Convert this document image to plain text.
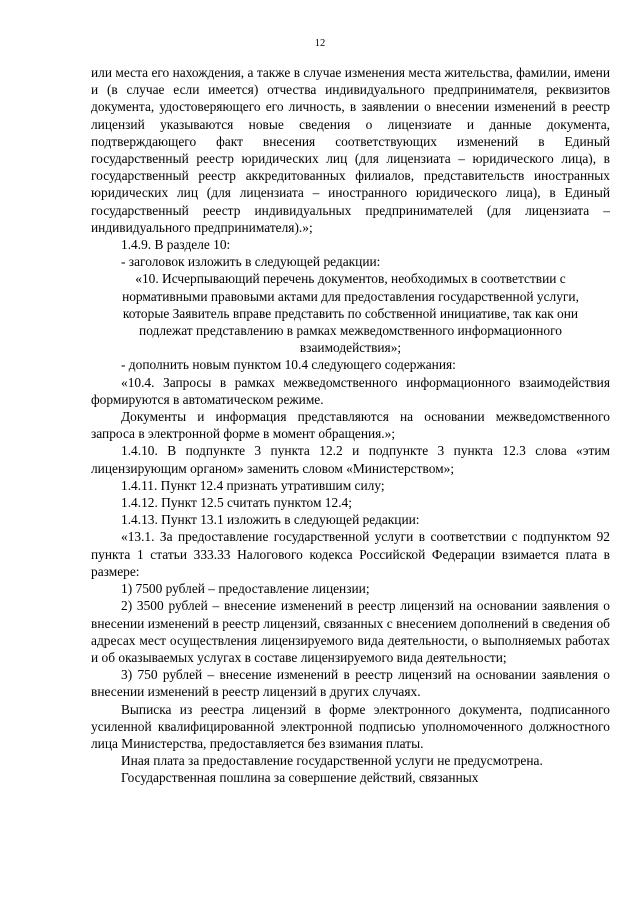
12

или места его нахождения, а также в случае изменения места жительства, фамилии, имени и (в случае если имеется) отчества индивидуального предпринимателя, реквизитов документа, удостоверяющего его личность, в заявлении о внесении изменений в реестр лицензий указываются новые сведения о лицензиате и данные документа, подтверждающего факт внесения соответствующих изменений в Единый государственный реестр юридических лиц (для лицензиата – юридического лица), в государственный реестр аккредитованных филиалов, представительств иностранных юридических лиц (для лицензиата – иностранного юридического лица), в Единый государственный реестр индивидуальных предпринимателей (для лицензиата – индивидуального предпринимателя).»;

1.4.9. В разделе 10:

- заголовок изложить в следующей редакции:

«10. Исчерпывающий перечень документов, необходимых в соответствии с нормативными правовыми актами для предоставления государственной услуги, которые Заявитель вправе представить по собственной инициативе, так как они подлежат представлению в рамках межведомственного информационного взаимодействия»;

- дополнить новым пунктом 10.4 следующего содержания:

«10.4. Запросы в рамках межведомственного информационного взаимодействия формируются в автоматическом режиме.

Документы и информация представляются на основании межведомственного запроса в электронной форме в момент обращения.»;

1.4.10. В подпункте 3 пункта 12.2 и подпункте 3 пункта 12.3 слова «этим лицензирующим органом» заменить словом «Министерством»;

1.4.11. Пункт 12.4 признать утратившим силу;

1.4.12. Пункт 12.5 считать пунктом 12.4;

1.4.13. Пункт 13.1 изложить в следующей редакции:

«13.1. За предоставление государственной услуги в соответствии с подпунктом 92 пункта 1 статьи 333.33 Налогового кодекса Российской Федерации взимается плата в размере:

1) 7500 рублей – предоставление лицензии;

2) 3500 рублей – внесение изменений в реестр лицензий на основании заявления о внесении изменений в реестр лицензий, связанных с внесением дополнений в сведения об адресах мест осуществления лицензируемого вида деятельности, о выполняемых работах и об оказываемых услугах в составе лицензируемого вида деятельности;

3) 750 рублей – внесение изменений в реестр лицензий на основании заявления о внесении изменений в реестр лицензий в других случаях.

Выписка из реестра лицензий в форме электронного документа, подписанного усиленной квалифицированной электронной подписью уполномоченного должностного лица Министерства, предоставляется без взимания платы.

Иная плата за предоставление государственной услуги не предусмотрена.

Государственная пошлина за совершение действий, связанных
